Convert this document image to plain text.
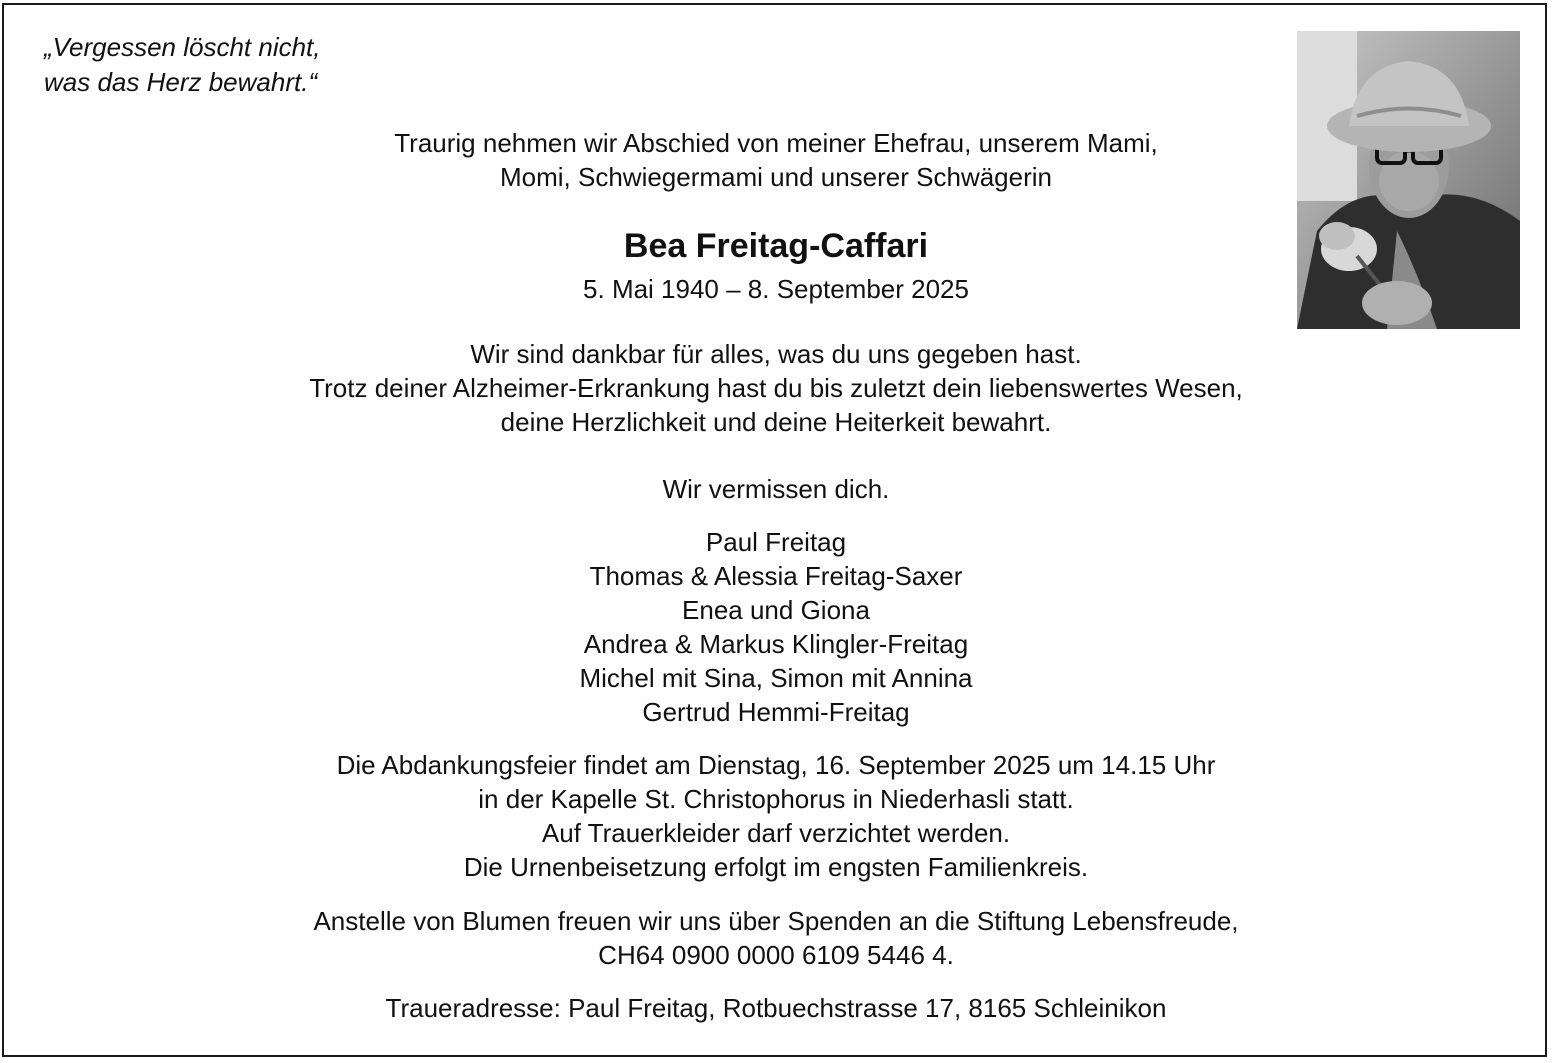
„Vergessen löscht nicht,
was das Herz bewahrt.“
Traurig nehmen wir Abschied von meiner Ehefrau, unserem Mami,
Momi, Schwiegermami und unserer Schwägerin
Bea Freitag-Caffari
5. Mai 1940 – 8. September 2025
Wir sind dankbar für alles, was du uns gegeben hast.
Trotz deiner Alzheimer-Erkrankung hast du bis zuletzt dein liebenswertes Wesen,
deine Herzlichkeit und deine Heiterkeit bewahrt.
Wir vermissen dich.
Paul Freitag
Thomas & Alessia Freitag-Saxer
Enea und Giona
Andrea & Markus Klingler-Freitag
Michel mit Sina, Simon mit Annina
Gertrud Hemmi-Freitag
Die Abdankungsfeier findet am Dienstag, 16. September 2025 um 14.15 Uhr
in der Kapelle St. Christophorus in Niederhasli statt.
Auf Trauerkleider darf verzichtet werden.
Die Urnenbeisetzung erfolgt im engsten Familienkreis.
Anstelle von Blumen freuen wir uns über Spenden an die Stiftung Lebensfreude,
CH64 0900 0000 6109 5446 4.
Traueradresse: Paul Freitag, Rotbuechstrasse 17, 8165 Schleinikon
